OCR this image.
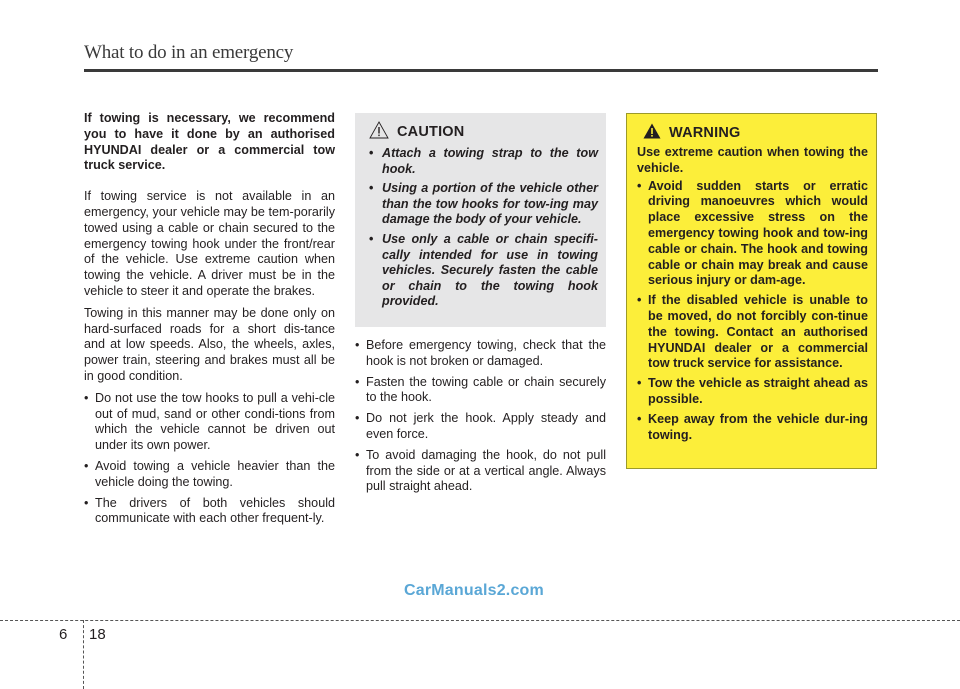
What to do in an emergency

If towing is necessary, we recommend you to have it done by an authorised HYUNDAI dealer or a commercial tow truck service.

If towing service is not available in an emergency, your vehicle may be tem-porarily towed using a cable or chain secured to the emergency towing hook under the front/rear of the vehicle. Use extreme caution when towing the vehicle. A driver must be in the vehicle to steer it and operate the brakes.

Towing in this manner may be done only on hard-surfaced roads for a short dis-tance and at low speeds. Also, the wheels, axles, power train, steering and brakes must all be in good condition.

• Do not use the tow hooks to pull a vehi-cle out of mud, sand or other condi-tions from which the vehicle cannot be driven out under its own power.
• Avoid towing a vehicle heavier than the vehicle doing the towing.
• The drivers of both vehicles should communicate with each other frequent-ly.
CAUTION
• Attach a towing strap to the tow hook.
• Using a portion of the vehicle other than the tow hooks for tow-ing may damage the body of your vehicle.
• Use only a cable or chain specifi-cally intended for use in towing vehicles. Securely fasten the cable or chain to the towing hook provided.
• Before emergency towing, check that the hook is not broken or damaged.
• Fasten the towing cable or chain securely to the hook.
• Do not jerk the hook. Apply steady and even force.
• To avoid damaging the hook, do not pull from the side or at a vertical angle. Always pull straight ahead.
WARNING

Use extreme caution when towing the vehicle.

• Avoid sudden starts or erratic driving manoeuvres which would place excessive stress on the emergency towing hook and tow-ing cable or chain. The hook and towing cable or chain may break and cause serious injury or dam-age.
• If the disabled vehicle is unable to be moved, do not forcibly con-tinue the towing. Contact an authorised HYUNDAI dealer or a commercial tow truck service for assistance.
• Tow the vehicle as straight ahead as possible.
• Keep away from the vehicle dur-ing towing.
CarManuals2.com
6 18
